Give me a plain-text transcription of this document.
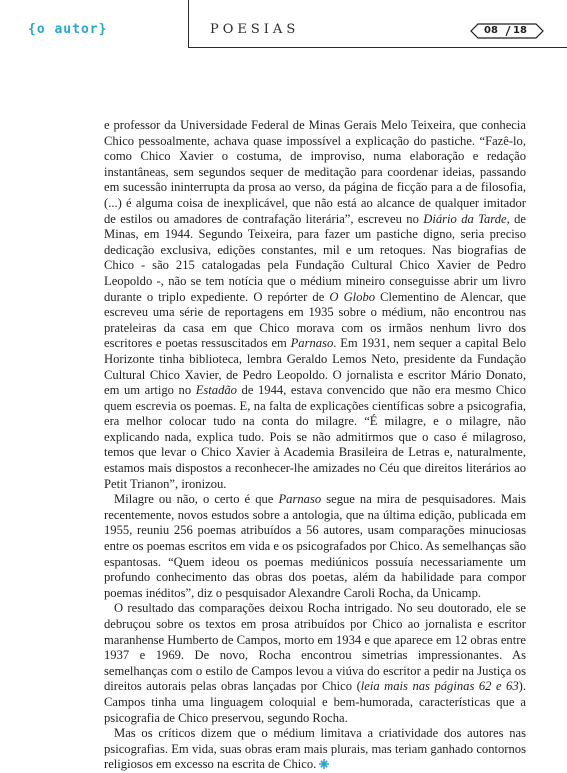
{o autor}	POESIAS	08 18

e professor da Universidade Federal de Minas Gerais Melo Teixeira, que conhecia Chico pessoalmente, achava quase impossível a explicação do pastiche. “Fazê-lo, como Chico Xavier o costuma, de improviso, numa elaboração e redação instantâneas, sem segundos sequer de meditação para coordenar ideias, passando em sucessão ininterrupta da prosa ao verso, da página de ficção para a de filosofia, (...) é alguma coisa de inexplicável, que não está ao alcance de qualquer imitador de estilos ou amadores de contrafação literária”, escreveu no Diário da Tarde, de Minas, em 1944. Segundo Teixeira, para fazer um pastiche digno, seria preciso dedicação exclusiva, edições constantes, mil e um retoques. Nas biografias de Chico - são 215 catalogadas pela Fundação Cultural Chico Xavier de Pedro Leopoldo -, não se tem notícia que o médium mineiro conseguisse abrir um livro durante o triplo expediente. O repórter de O Globo Clementino de Alencar, que escreveu uma série de reportagens em 1935 sobre o médium, não encontrou nas prateleiras da casa em que Chico morava com os irmãos nenhum livro dos escritores e poetas ressuscitados em Parnaso. Em 1931, nem sequer a capital Belo Horizonte tinha biblioteca, lembra Geraldo Lemos Neto, presidente da Fundação Cultural Chico Xavier, de Pedro Leopoldo. O jornalista e escritor Mário Donato, em um artigo no Estadão de 1944, estava convencido que não era mesmo Chico quem escrevia os poemas. E, na falta de explicações científicas sobre a psicografia, era melhor colocar tudo na conta do milagre. “É milagre, e o milagre, não explicando nada, explica tudo. Pois se não admitirmos que o caso é milagroso, temos que levar o Chico Xavier à Academia Brasileira de Letras e, naturalmente, estamos mais dispostos a reconhecer-lhe amizades no Céu que direitos literários ao Petit Trianon”, ironizou.

Milagre ou não, o certo é que Parnaso segue na mira de pesquisadores. Mais recentemente, novos estudos sobre a antologia, que na última edição, publicada em 1955, reuniu 256 poemas atribuídos a 56 autores, usam comparações minuciosas entre os poemas escritos em vida e os psicografados por Chico. As semelhanças são espantosas. “Quem ideou os poemas mediúnicos possuía necessariamente um profundo conhecimento das obras dos poetas, além da habilidade para compor poemas inéditos”, diz o pesquisador Alexandre Caroli Rocha, da Unicamp.

O resultado das comparações deixou Rocha intrigado. No seu doutorado, ele se debruçou sobre os textos em prosa atribuídos por Chico ao jornalista e escritor maranhense Humberto de Campos, morto em 1934 e que aparece em 12 obras entre 1937 e 1969. De novo, Rocha encontrou simetrias impressionantes. As semelhanças com o estilo de Campos levou a viúva do escritor a pedir na Justiça os direitos autorais pelas obras lançadas por Chico (leia mais nas páginas 62 e 63). Campos tinha uma linguagem coloquial e bem-humorada, características que a psicografia de Chico preservou, segundo Rocha.

Mas os críticos dizem que o médium limitava a criatividade dos autores nas psicografias. Em vida, suas obras eram mais plurais, mas teriam ganhado contornos religiosos em excesso na escrita de Chico.
